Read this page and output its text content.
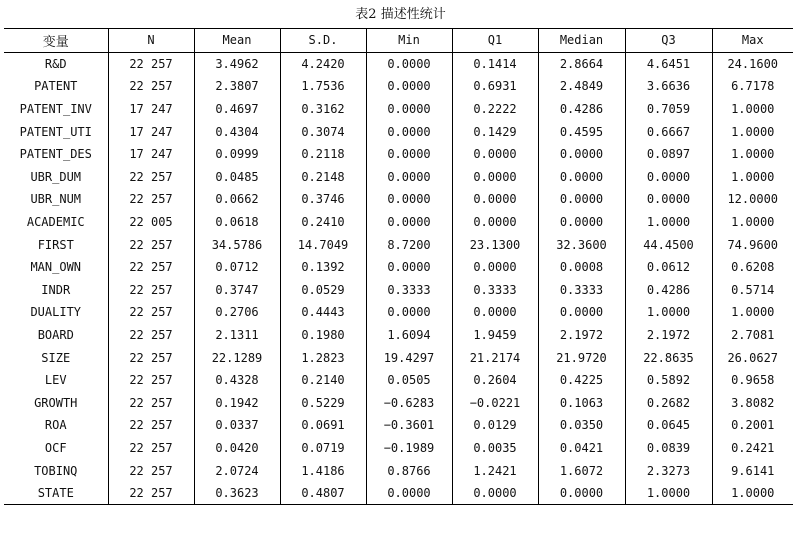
表2 描述性统计
变量	N	Mean	S.D.	Min	Q1	Median	Q3	Max
R&D	22 257	3.4962	4.2420	0.0000	0.1414	2.8664	4.6451	24.1600
PATENT	22 257	2.3807	1.7536	0.0000	0.6931	2.4849	3.6636	6.7178
PATENT_INV	17 247	0.4697	0.3162	0.0000	0.2222	0.4286	0.7059	1.0000
PATENT_UTI	17 247	0.4304	0.3074	0.0000	0.1429	0.4595	0.6667	1.0000
PATENT_DES	17 247	0.0999	0.2118	0.0000	0.0000	0.0000	0.0897	1.0000
UBR_DUM	22 257	0.0485	0.2148	0.0000	0.0000	0.0000	0.0000	1.0000
UBR_NUM	22 257	0.0662	0.3746	0.0000	0.0000	0.0000	0.0000	12.0000
ACADEMIC	22 005	0.0618	0.2410	0.0000	0.0000	0.0000	1.0000	1.0000
FIRST	22 257	34.5786	14.7049	8.7200	23.1300	32.3600	44.4500	74.9600
MAN_OWN	22 257	0.0712	0.1392	0.0000	0.0000	0.0008	0.0612	0.6208
INDR	22 257	0.3747	0.0529	0.3333	0.3333	0.3333	0.4286	0.5714
DUALITY	22 257	0.2706	0.4443	0.0000	0.0000	0.0000	1.0000	1.0000
BOARD	22 257	2.1311	0.1980	1.6094	1.9459	2.1972	2.1972	2.7081
SIZE	22 257	22.1289	1.2823	19.4297	21.2174	21.9720	22.8635	26.0627
LEV	22 257	0.4328	0.2140	0.0505	0.2604	0.4225	0.5892	0.9658
GROWTH	22 257	0.1942	0.5229	−0.6283	−0.0221	0.1063	0.2682	3.8082
ROA	22 257	0.0337	0.0691	−0.3601	0.0129	0.0350	0.0645	0.2001
OCF	22 257	0.0420	0.0719	−0.1989	0.0035	0.0421	0.0839	0.2421
TOBINQ	22 257	2.0724	1.4186	0.8766	1.2421	1.6072	2.3273	9.6141
STATE	22 257	0.3623	0.4807	0.0000	0.0000	0.0000	1.0000	1.0000
